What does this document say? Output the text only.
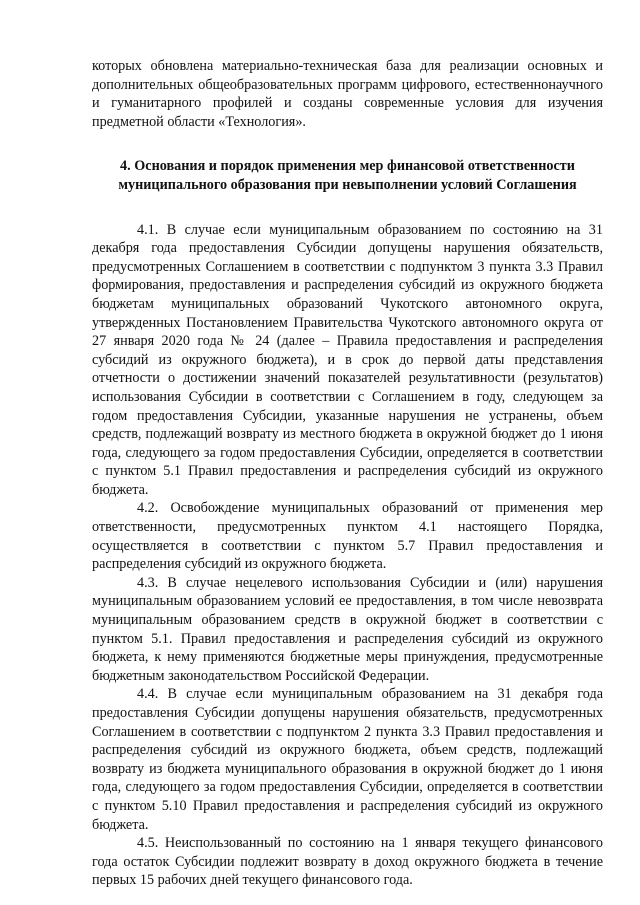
которых обновлена материально-техническая база для реализации основных и дополнительных общеобразовательных программ цифрового, естественнонаучного и гуманитарного профилей и созданы современные условия для изучения предметной области «Технология».

4. Основания и порядок применения мер финансовой ответственности муниципального образования при невыполнении условий Соглашения

4.1. В случае если муниципальным образованием по состоянию на 31 декабря года предоставления Субсидии допущены нарушения обязательств, предусмотренных Соглашением в соответствии с подпунктом 3 пункта 3.3 Правил формирования, предоставления и распределения субсидий из окружного бюджета бюджетам муниципальных образований Чукотского автономного округа, утвержденных Постановлением Правительства Чукотского автономного округа от 27 января 2020 года № 24 (далее – Правила предоставления и распределения субсидий из окружного бюджета), и в срок до первой даты представления отчетности о достижении значений показателей результативности (результатов) использования Субсидии в соответствии с Соглашением в году, следующем за годом предоставления Субсидии, указанные нарушения не устранены, объем средств, подлежащий возврату из местного бюджета в окружной бюджет до 1 июня года, следующего за годом предоставления Субсидии, определяется в соответствии с пунктом 5.1 Правил предоставления и распределения субсидий из окружного бюджета.

4.2. Освобождение муниципальных образований от применения мер ответственности, предусмотренных пунктом 4.1 настоящего Порядка, осуществляется в соответствии с пунктом 5.7 Правил предоставления и распределения субсидий из окружного бюджета.

4.3. В случае нецелевого использования Субсидии и (или) нарушения муниципальным образованием условий ее предоставления, в том числе невозврата муниципальным образованием средств в окружной бюджет в соответствии с пунктом 5.1. Правил предоставления и распределения субсидий из окружного бюджета, к нему применяются бюджетные меры принуждения, предусмотренные бюджетным законодательством Российской Федерации.

4.4. В случае если муниципальным образованием на 31 декабря года предоставления Субсидии допущены нарушения обязательств, предусмотренных Соглашением в соответствии с подпунктом 2 пункта 3.3 Правил предоставления и распределения субсидий из окружного бюджета, объем средств, подлежащий возврату из бюджета муниципального образования в окружной бюджет до 1 июня года, следующего за годом предоставления Субсидии, определяется в соответствии с пунктом 5.10 Правил предоставления и распределения субсидий из окружного бюджета.

4.5. Неиспользованный по состоянию на 1 января текущего финансового года остаток Субсидии подлежит возврату в доход окружного бюджета в течение первых 15 рабочих дней текущего финансового года.
